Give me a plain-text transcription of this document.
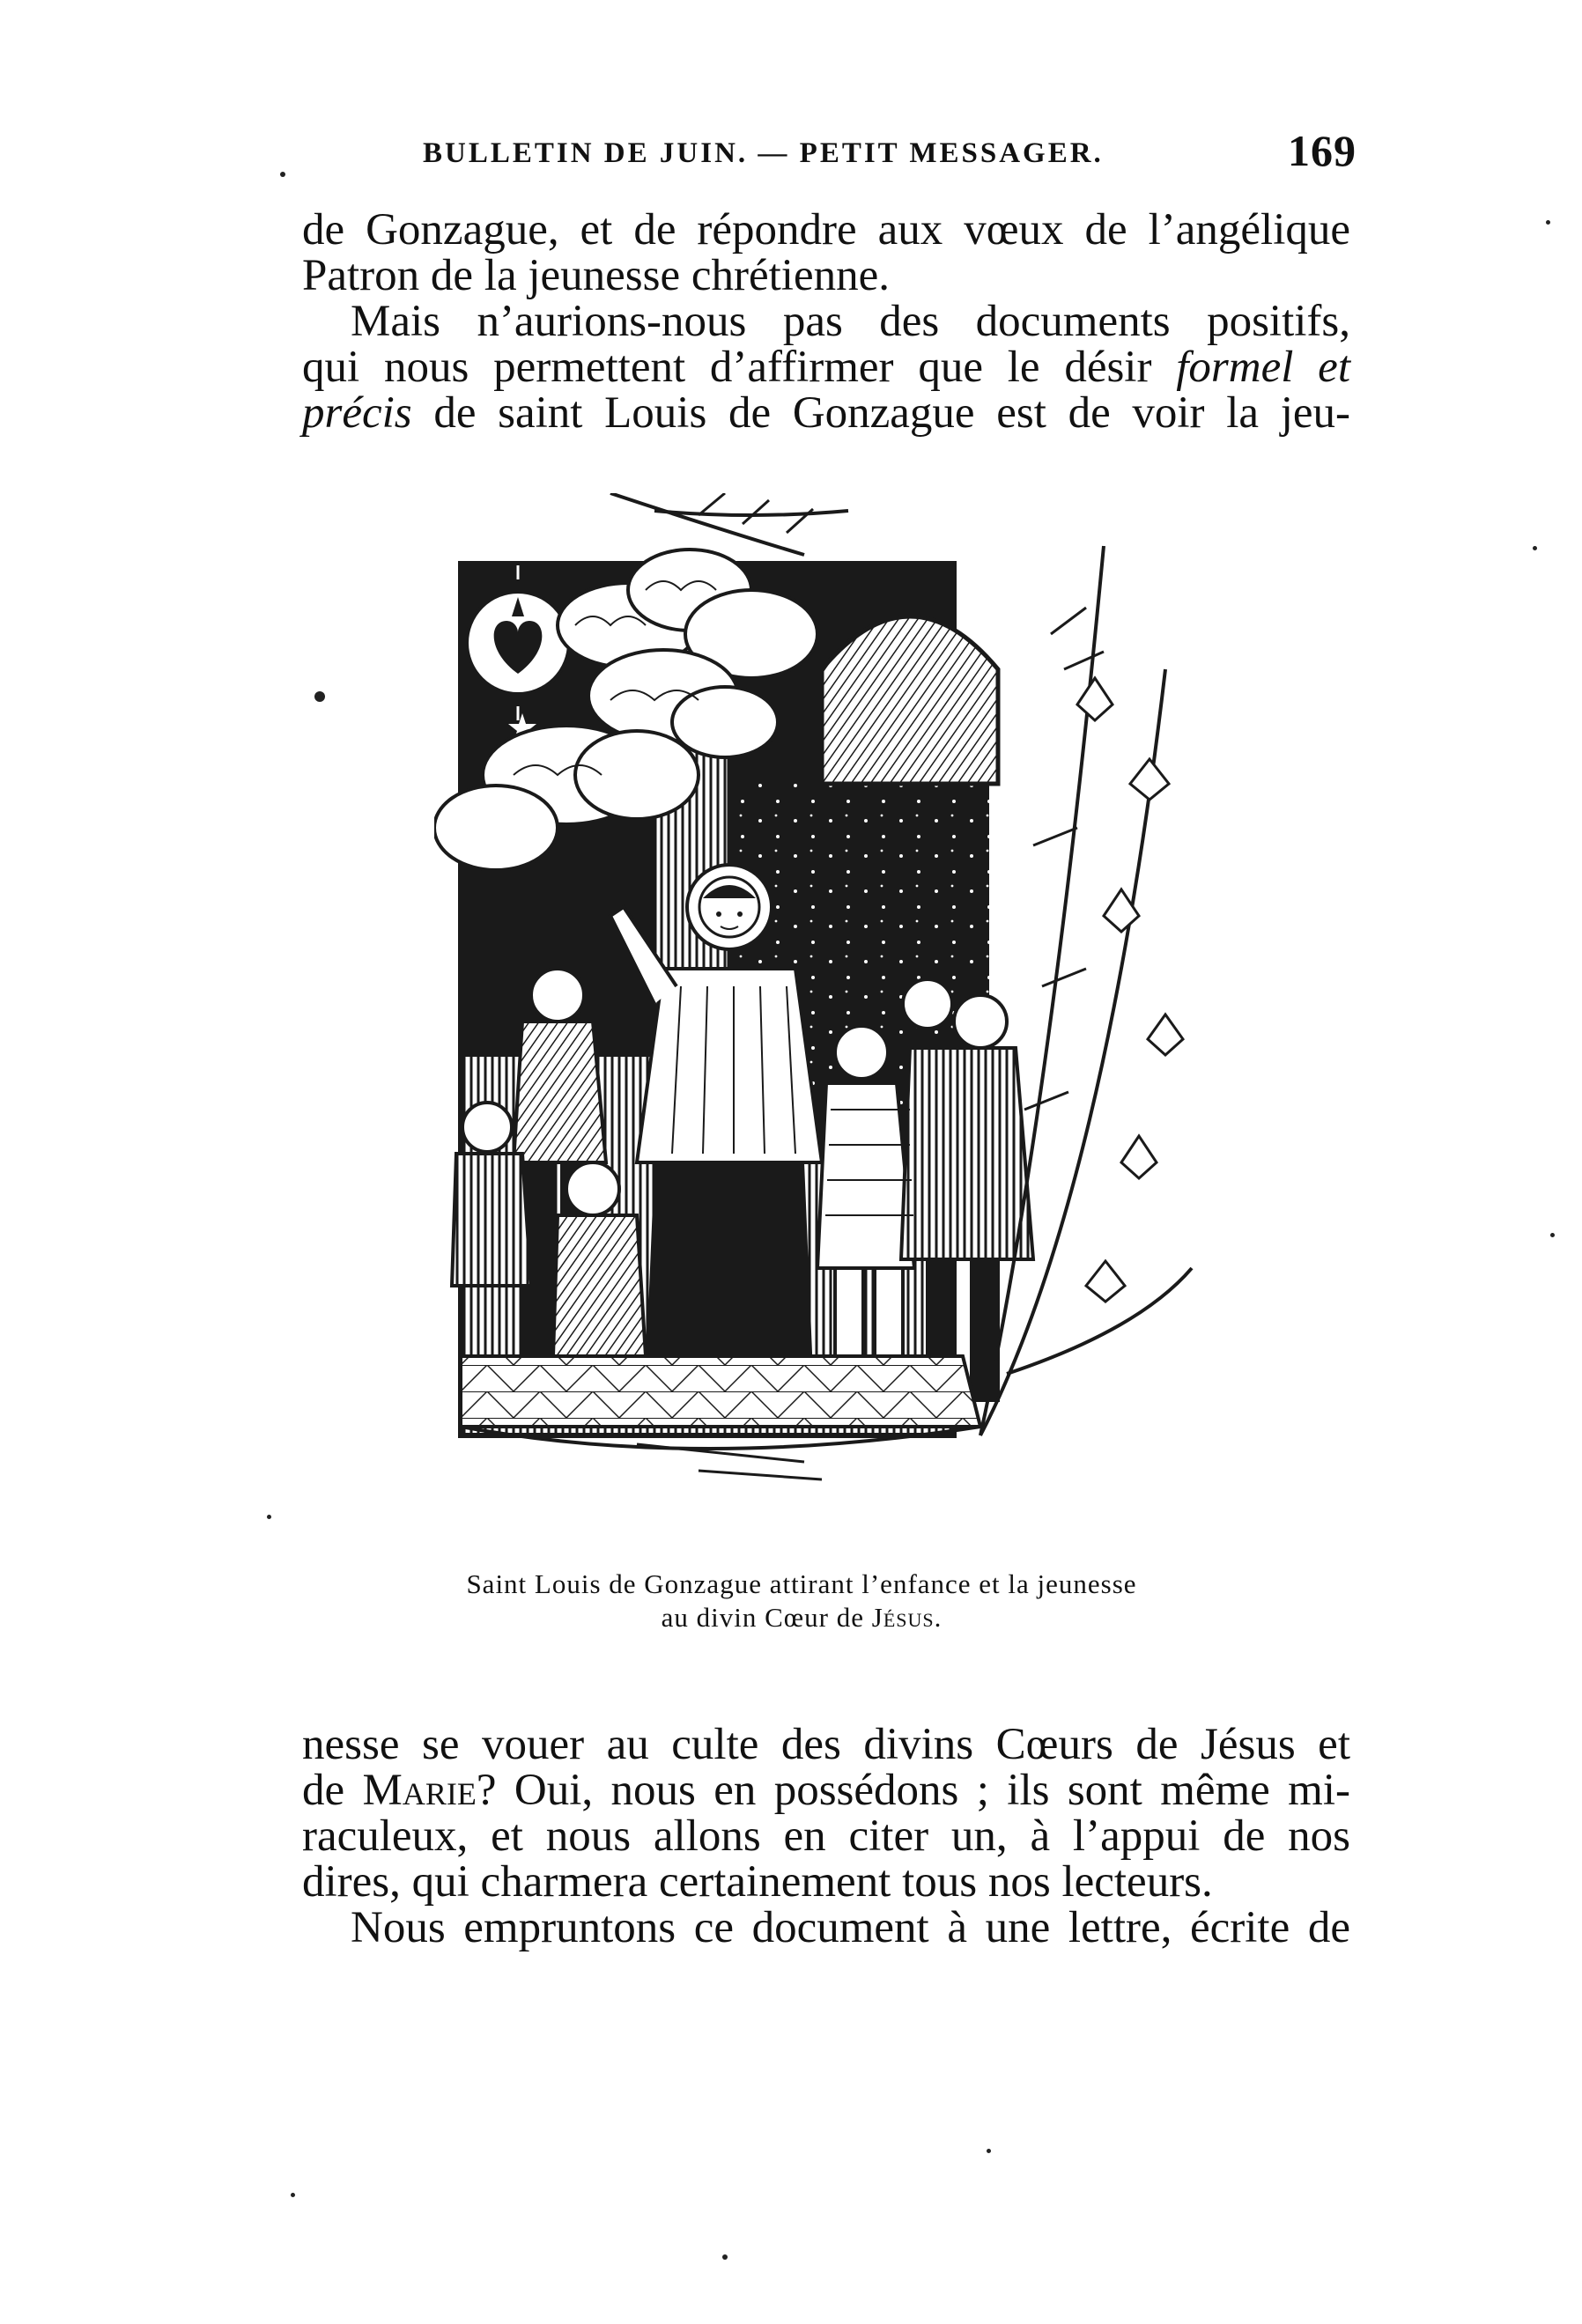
BULLETIN DE JUIN. — PETIT MESSAGER.	169
de Gonzague, et de répondre aux vœux de l’angélique
Patron de la jeunesse chrétienne.
Mais n’aurions-nous pas des documents positifs,
qui nous permettent d’affirmer que le désir formel et
précis de saint Louis de Gonzague est de voir la jeu-
Saint Louis de Gonzague attirant l’enfance et la jeunesse
au divin Cœur de Jésus.
nesse se vouer au culte des divins Cœurs de Jésus et
de Marie? Oui, nous en possédons ; ils sont même mi-
raculeux, et nous allons en citer un, à l’appui de nos
dires, qui charmera certainement tous nos lecteurs.
Nous empruntons ce document à une lettre, écrite de
